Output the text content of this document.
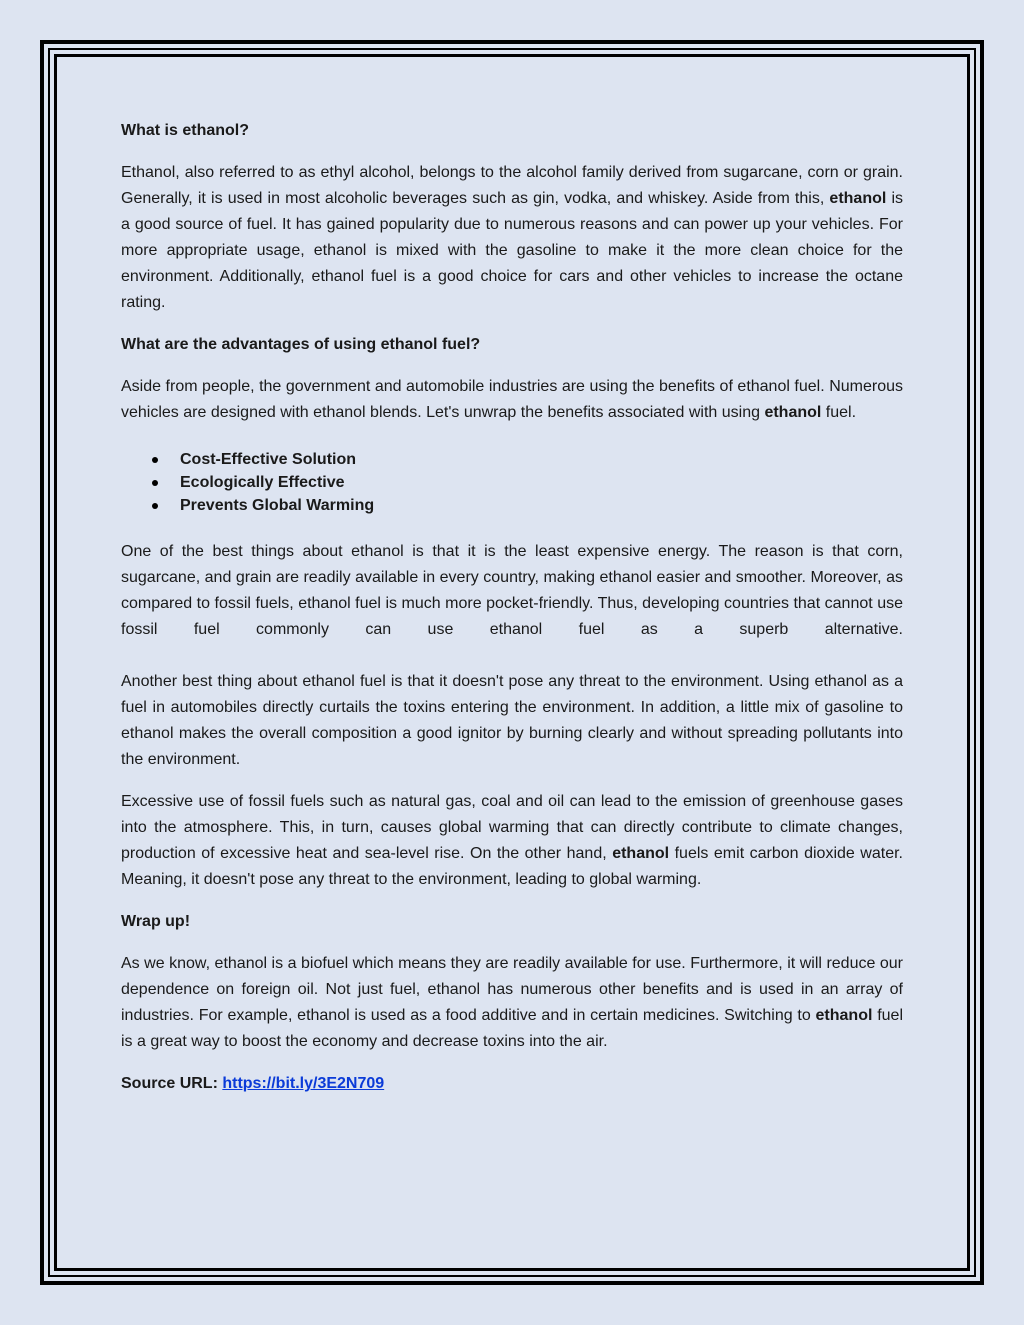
What is ethanol?

Ethanol, also referred to as ethyl alcohol, belongs to the alcohol family derived from sugarcane, corn or grain. Generally, it is used in most alcoholic beverages such as gin, vodka, and whiskey. Aside from this, ethanol is a good source of fuel. It has gained popularity due to numerous reasons and can power up your vehicles. For more appropriate usage, ethanol is mixed with the gasoline to make it the more clean choice for the environment. Additionally, ethanol fuel is a good choice for cars and other vehicles to increase the octane rating.

What are the advantages of using ethanol fuel?

Aside from people, the government and automobile industries are using the benefits of ethanol fuel. Numerous vehicles are designed with ethanol blends. Let's unwrap the benefits associated with using ethanol fuel.

Cost-Effective Solution
Ecologically Effective
Prevents Global Warming

One of the best things about ethanol is that it is the least expensive energy. The reason is that corn, sugarcane, and grain are readily available in every country, making ethanol easier and smoother. Moreover, as compared to fossil fuels, ethanol fuel is much more pocket-friendly. Thus, developing countries that cannot use fossil fuel commonly can use ethanol fuel as a superb alternative.

Another best thing about ethanol fuel is that it doesn't pose any threat to the environment. Using ethanol as a fuel in automobiles directly curtails the toxins entering the environment. In addition, a little mix of gasoline to ethanol makes the overall composition a good ignitor by burning clearly and without spreading pollutants into the environment.

Excessive use of fossil fuels such as natural gas, coal and oil can lead to the emission of greenhouse gases into the atmosphere. This, in turn, causes global warming that can directly contribute to climate changes, production of excessive heat and sea-level rise. On the other hand, ethanol fuels emit carbon dioxide water. Meaning, it doesn't pose any threat to the environment, leading to global warming.

Wrap up!

As we know, ethanol is a biofuel which means they are readily available for use. Furthermore, it will reduce our dependence on foreign oil. Not just fuel, ethanol has numerous other benefits and is used in an array of industries. For example, ethanol is used as a food additive and in certain medicines. Switching to ethanol fuel is a great way to boost the economy and decrease toxins into the air.

Source URL: https://bit.ly/3E2N709
